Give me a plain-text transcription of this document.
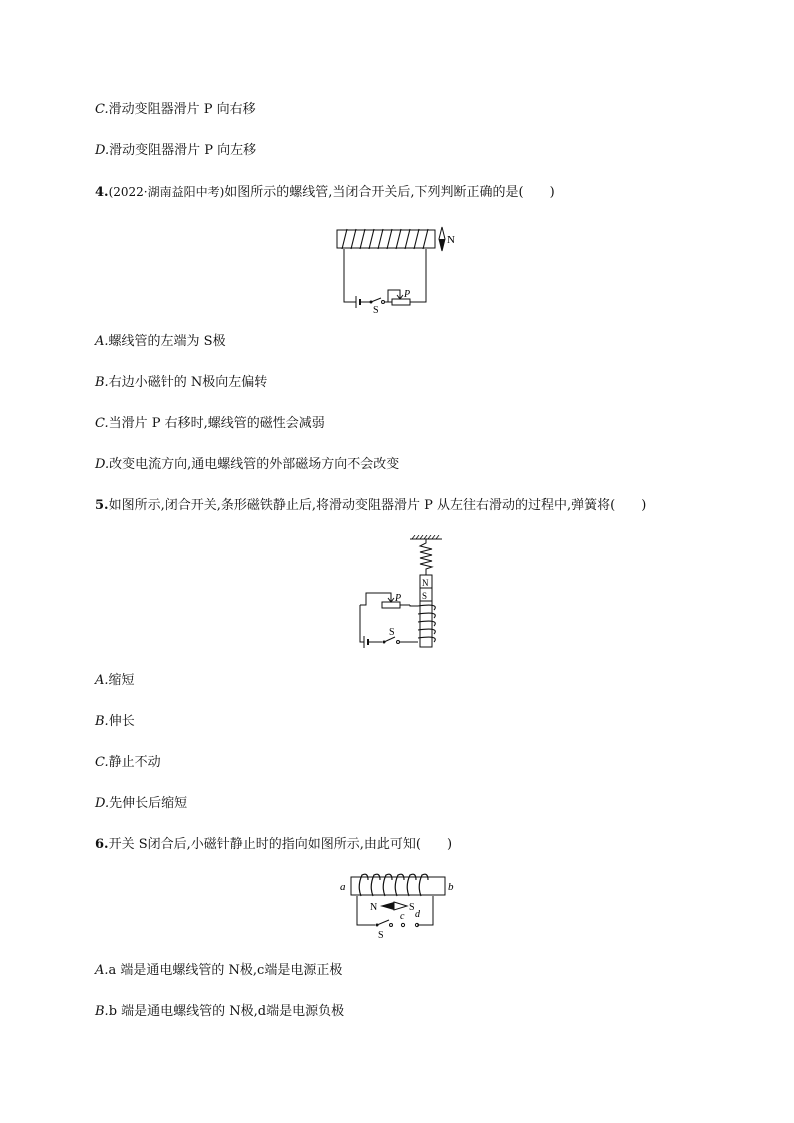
C.滑动变阻器滑片 P 向右移
D.滑动变阻器滑片 P 向左移
4.(2022·湖南益阳中考)如图所示的螺线管,当闭合开关后,下列判断正确的是(　　)
S
P
N
A.螺线管的左端为 S极
B.右边小磁针的 N极向左偏转
C.当滑片 P 右移时,螺线管的磁性会减弱
D.改变电流方向,通电螺线管的外部磁场方向不会改变
5.如图所示,闭合开关,条形磁铁静止后,将滑动变阻器滑片 P 从左往右滑动的过程中,弹簧将(　　)
N
S
P
S
A.缩短
B.伸长
C.静止不动
D.先伸长后缩短
6.开关 S闭合后,小磁针静止时的指向如图所示,由此可知(　　)
a	b
S
c d
N	S
A.a 端是通电螺线管的 N极,c端是电源正极
B.b 端是通电螺线管的 N极,d端是电源负极
